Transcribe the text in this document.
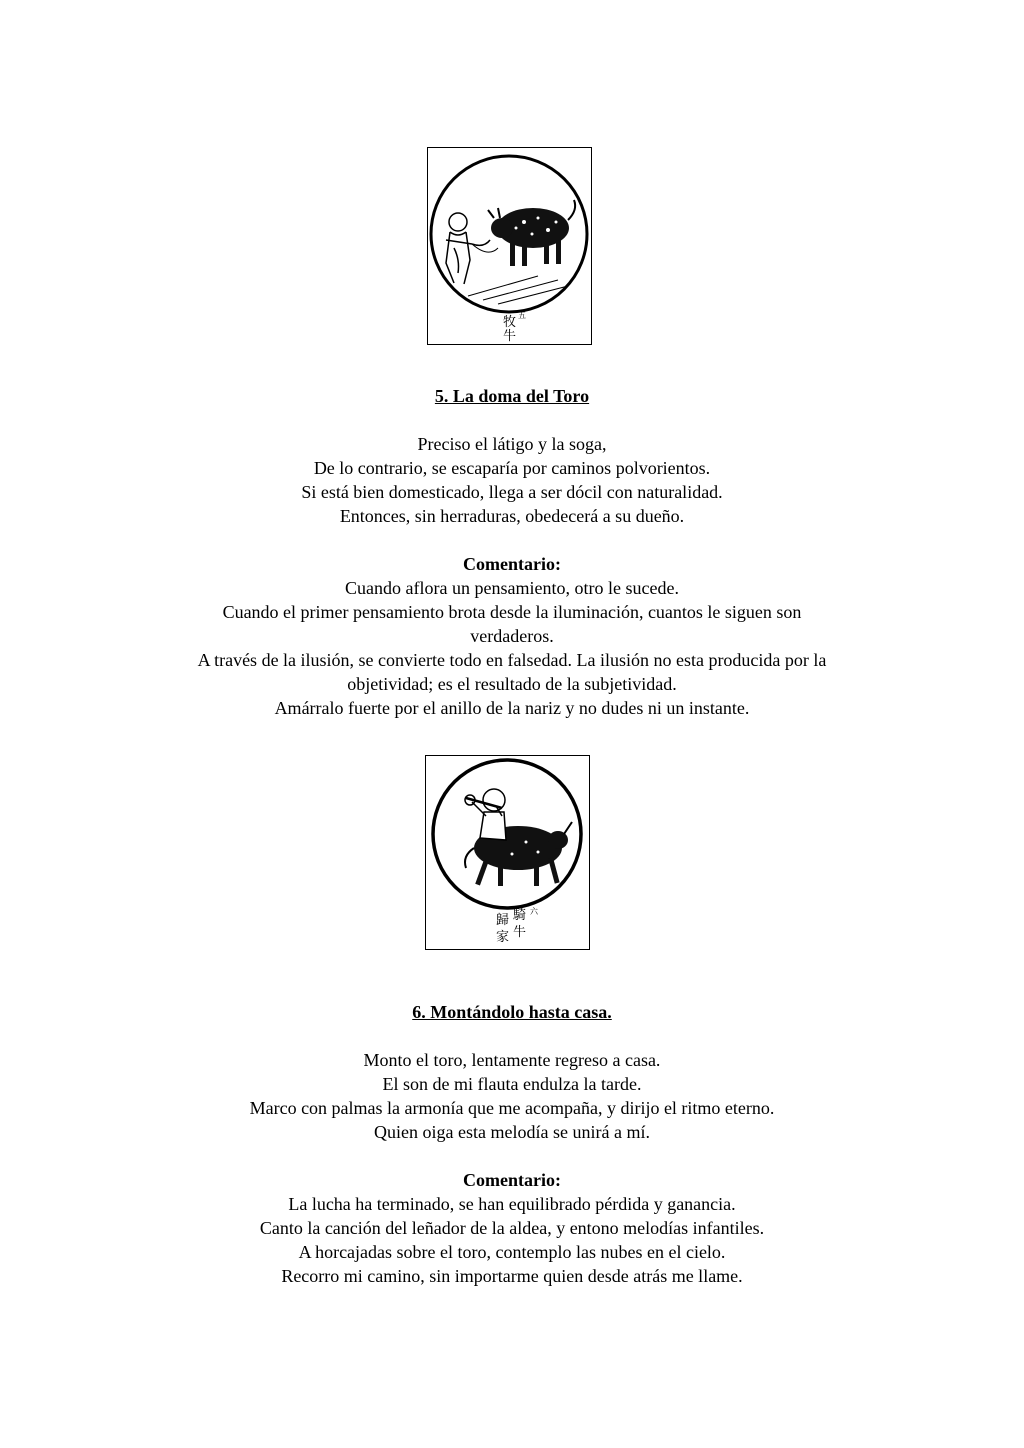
牧
牛
五

5. La doma del Toro

Preciso el látigo y la soga,

De lo contrario, se escaparía por caminos polvorientos.

Si está bien domesticado, llega a ser dócil con naturalidad.

Entonces, sin herraduras, obedecerá a su dueño.

Comentario:

Cuando aflora un pensamiento, otro le sucede.

Cuando el primer pensamiento brota desde la iluminación, cuantos le siguen son

verdaderos.

A través de la ilusión, se convierte todo en falsedad. La ilusión no esta producida por la

objetividad; es el resultado de la subjetividad.

Amárralo fuerte por el anillo de la nariz y no dudes ni un instante.

騎
牛
歸
家
六

6. Montándolo hasta casa.

Monto el toro, lentamente regreso a casa.

El son de mi flauta endulza la tarde.

Marco con palmas la armonía que me acompaña, y dirijo el ritmo eterno.

Quien oiga esta melodía se unirá a mí.

Comentario:

La lucha ha terminado, se han equilibrado pérdida y ganancia.

Canto la canción del leñador de la aldea, y entono melodías infantiles.

A horcajadas sobre el toro, contemplo las nubes en el cielo.

Recorro mi camino, sin importarme quien desde atrás me llame.
